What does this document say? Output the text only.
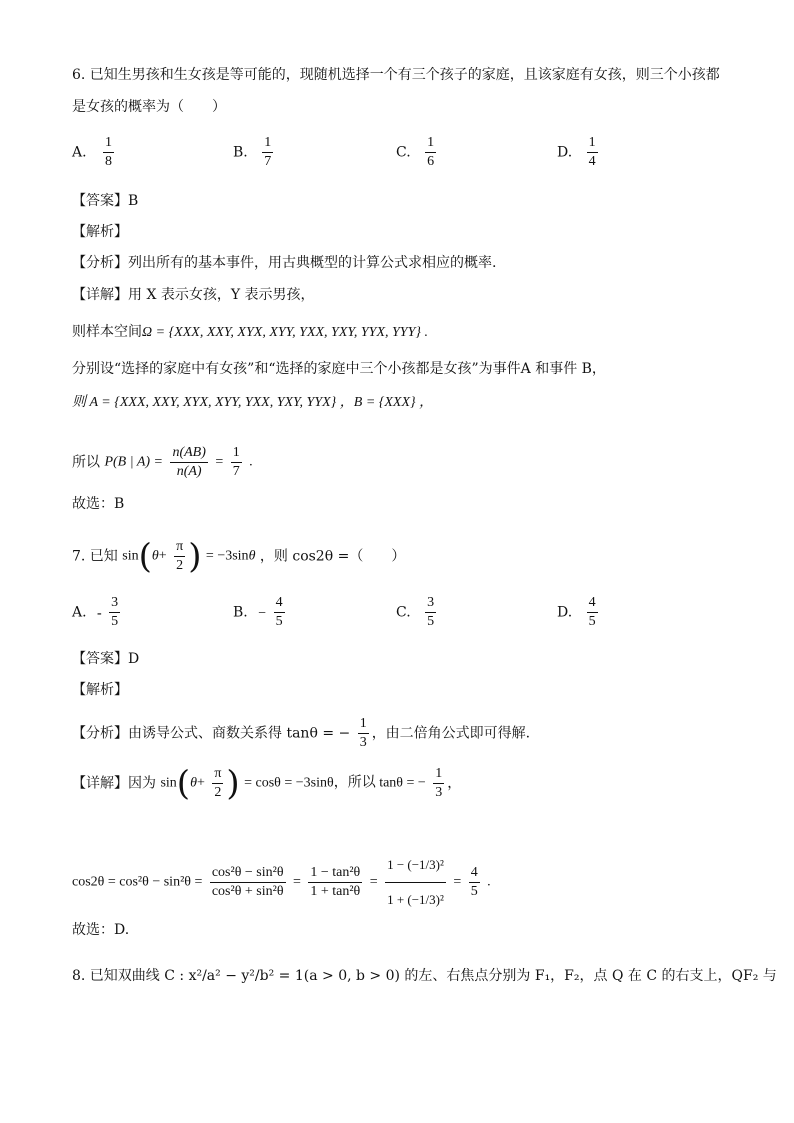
6. 已知生男孩和生女孩是等可能的，现随机选择一个有三个孩子的家庭，且该家庭有女孩，则三个小孩都
是女孩的概率为（　　）
A. $\frac{1}{8}$	B. $\frac{1}{7}$	C. $\frac{1}{6}$	D. $\frac{1}{4}$
【答案】B
【解析】
【分析】列出所有的基本事件，用古典概型的计算公式求相应的概率.
【详解】用 X 表示女孩，Y 表示男孩，
则样本空间Ω = {XXX, XXY, XYX, XYY, YXX, YXY, YYX, YYY} .
分别设“选择的家庭中有女孩”和“选择的家庭中三个小孩都是女孩”为事件A 和事件 B，
则 A = {XXX, XXY, XYX, XYY, YXX, YXY, YYX} ，B = {XXX} ，
所以 P(B | $A) = \frac{n(AB)}{n(A)} = \frac{1}{7}$ .
故选：B
7. 已知 $\sin(\theta+ \frac{\pi}{2}$ ) = −3sinθ ，则 cos2θ =（　　）
A. - $\frac{3}{5}$	B. − $\frac{4}{5}$	C. $\frac{3}{5}$	D. $\frac{4}{5}$
【答案】D
【解析】
【分析】由诱导公式、商数关系得 tanθ = − $\frac{1}{3}$ ，由二倍角公式即可得解.
【详解】因为 $\sin(\theta+ \frac{\pi}{2}$ ) = cosθ = −3sinθ，所以 tanθ = − $\frac{1}{3}$ ，
$\cos 2\theta = \cos^2\theta - \sin^2\theta = \frac{\text{cos²θ − sin²θ}}{\text{cos²θ + sin²θ}} = \frac{\text{1 − tan²θ}}{\text{1 + tan²θ}} = \frac{\text{1 − (−1/3)²}}{\text{1 + (−1/3)²}} = \frac{4}{5}$ .
故选：D.
8. 已知双曲线 C : x²/a² − y²/b² = 1(a > 0, b > 0) 的左、右焦点分别为 F₁，F₂，点 Q 在 C 的右支上，QF₂ 与
